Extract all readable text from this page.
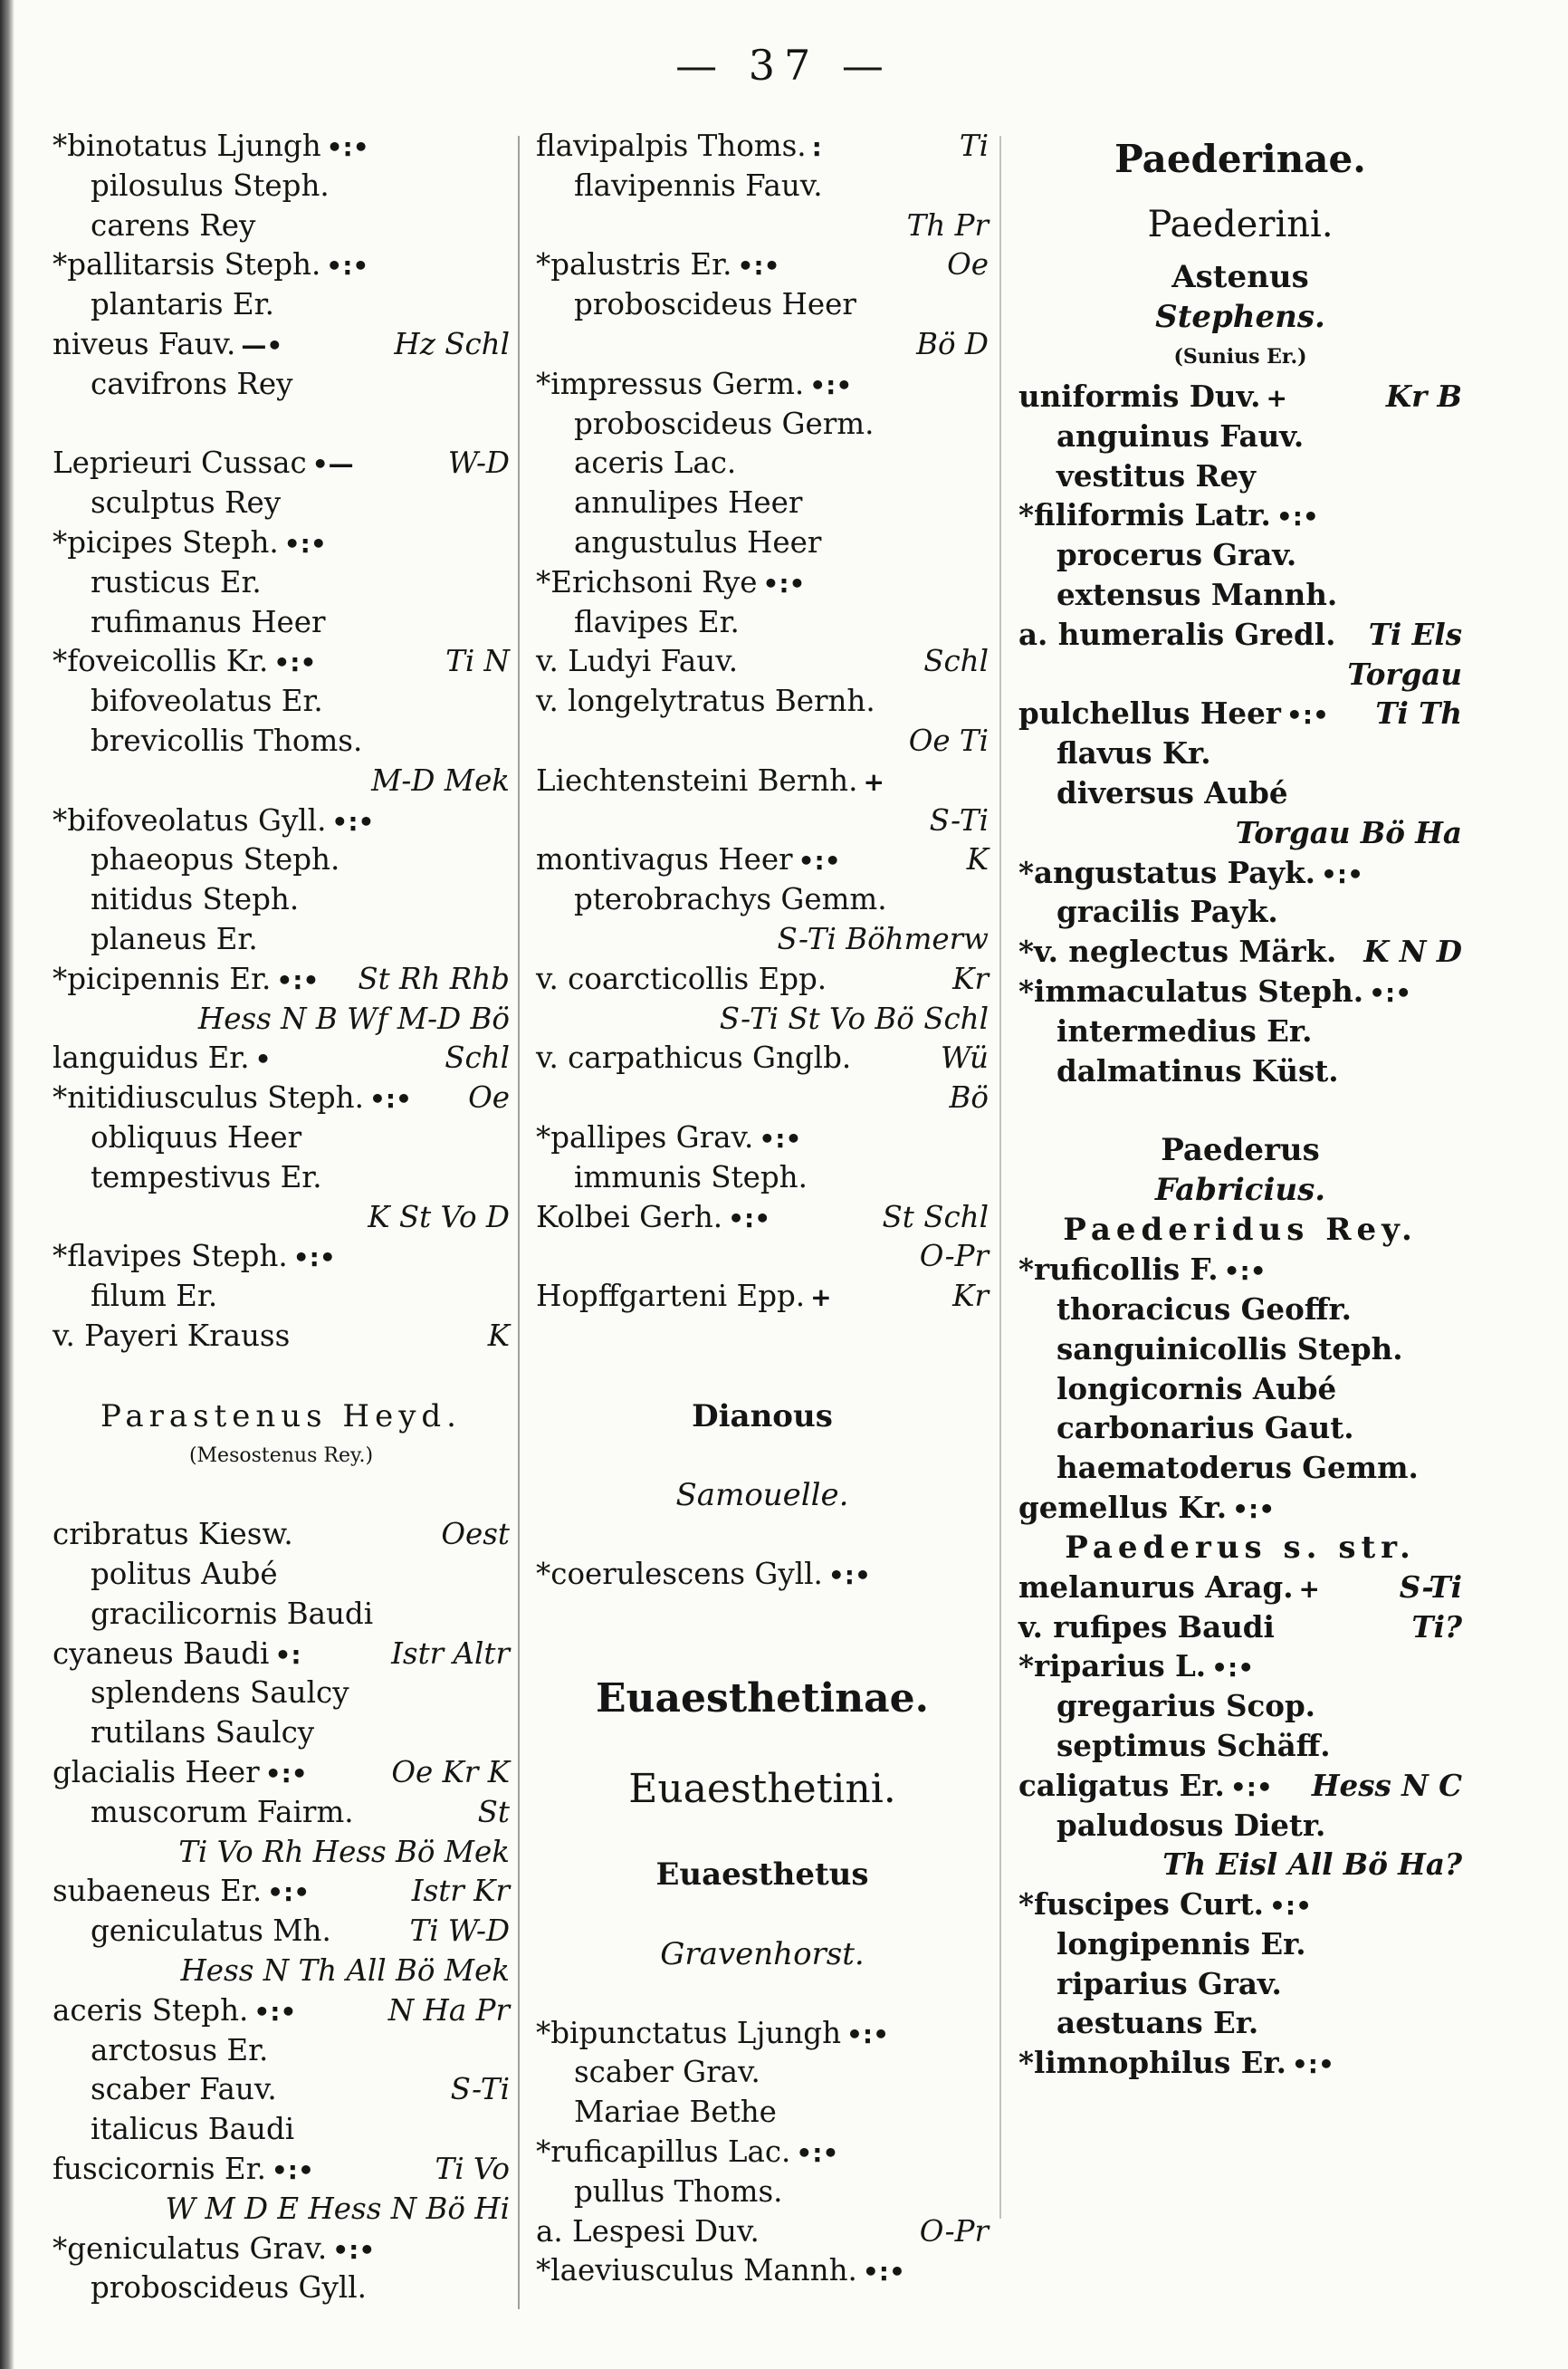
— 37 —
*binotatus Ljungh •:•
pilosulus Steph.
carens Rey
*pallitarsis Steph. •:•
plantaris Er.
niveus Fauv. —•	Hz Schl
cavifrons Rey
Leprieuri Cussac •—	W-D
sculptus Rey
*picipes Steph. •:•
rusticus Er.
rufimanus Heer
*foveicollis Kr. •:•	Ti N
bifoveolatus Er.
brevicollis Thoms.
M-D Mek
*bifoveolatus Gyll. •:•
phaeopus Steph.
nitidus Steph.
planeus Er.
*picipennis Er. •:• St Rh Rhb
Hess N B Wf M-D Bö
languidus Er. •	Schl
*nitidiusculus Steph. •:• Oe
obliquus Heer
tempestivus Er.
K St Vo D
*flavipes Steph. •:•
filum Er.
v. Payeri Krauss	K
Parastenus Heyd.
(Mesostenus Rey.)
cribratus Kiesw.	Oest
politus Aubé
gracilicornis Baudi
cyaneus Baudi •:	Istr Altr
splendens Saulcy
rutilans Saulcy
glacialis Heer •:•	Oe Kr K
muscorum Fairm.	St
Ti Vo Rh Hess Bö Mek
subaeneus Er. •:•	Istr Kr
geniculatus Mh.	Ti W-D
Hess N Th All Bö Mek
aceris Steph. •:•	N Ha Pr
arctosus Er.
scaber Fauv.	S-Ti
italicus Baudi
fuscicornis Er. •:•	Ti Vo
W M D E Hess N Bö Hi
*geniculatus Grav. •:•
proboscideus Gyll.
flavipalpis Thoms. :	Ti
flavipennis Fauv.
Th Pr
*palustris Er. •:•	Oe
proboscideus Heer
Bö D
*impressus Germ. •:•
proboscideus Germ.
aceris Lac.
annulipes Heer
angustulus Heer
*Erichsoni Rye •:•
flavipes Er.
v. Ludyi Fauv.	Schl
v. longelytratus Bernh.
Oe Ti
Liechtensteini Bernh. +
S-Ti
montivagus Heer •:•	K
pterobrachys Gemm.
S-Ti Böhmerw
v. coarcticollis Epp.	Kr
S-Ti St Vo Bö Schl
v. carpathicus Gnglb.	Wü
Bö
*pallipes Grav. •:•
immunis Steph.
Kolbei Gerh. •:•	St Schl
O-Pr
Hopffgarteni Epp. +	Kr
Dianous
Samouelle.
*coerulescens Gyll. •:•
Euaesthetinae.
Euaesthetini.
Euaesthetus
Gravenhorst.
*bipunctatus Ljungh •:•
scaber Grav.
Mariae Bethe
*ruficapillus Lac. •:•
pullus Thoms.
a. Lespesi Duv.	O-Pr
*laeviusculus Mannh. •:•
Paederinae.
Paederini.
Astenus
Stephens.
(Sunius Er.)
uniformis Duv. +	Kr B
anguinus Fauv.
vestitus Rey
*filiformis Latr. •:•
procerus Grav.
extensus Mannh.
a. humeralis Gredl. Ti Els
Torgau
pulchellus Heer •:• Ti Th
flavus Kr.
diversus Aubé
Torgau Bö Ha
*angustatus Payk. •:•
gracilis Payk.
*v. neglectus Märk. K N D
*immaculatus Steph. •:•
intermedius Er.
dalmatinus Küst.
Paederus
Fabricius.
Paederidus Rey.
*ruficollis F. •:•
thoracicus Geoffr.
sanguinicollis Steph.
longicornis Aubé
carbonarius Gaut.
haematoderus Gemm.
gemellus Kr. •:•
Paederus s. str.
melanurus Arag. +	S-Ti
v. rufipes Baudi	Ti?
*riparius L. •:•
gregarius Scop.
septimus Schäff.
caligatus Er. •:• Hess N C
paludosus Dietr.
Th Eisl All Bö Ha?
*fuscipes Curt. •:•
longipennis Er.
riparius Grav.
aestuans Er.
*limnophilus Er. •:•
